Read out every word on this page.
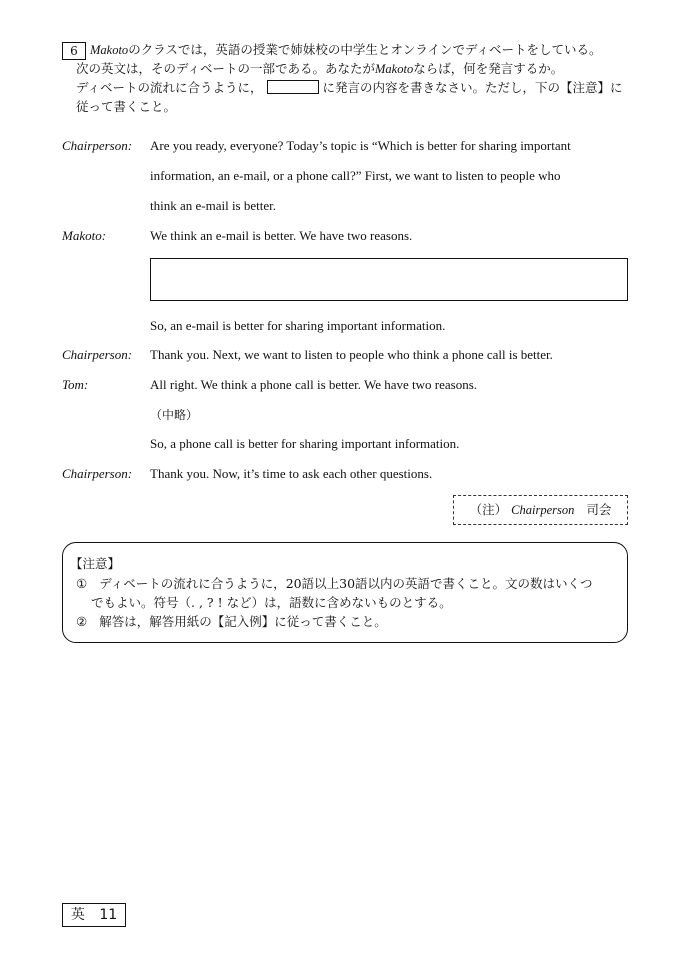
6 Makotoのクラスでは，英語の授業で姉妹校の中学生とオンラインでディベートをしている。
次の英文は，そのディベートの一部である。あなたがMakotoならば，何を発言するか。
ディベートの流れに合うように，	に発言の内容を書きなさい。ただし，下の【注意】に
従って書くこと。
Chairperson: Are you ready, everyone? Today’s topic is “Which is better for sharing important
information, an e-mail, or a phone call?” First, we want to listen to people who
think an e-mail is better.
Makoto:	We think an e-mail is better. We have two reasons.
So, an e-mail is better for sharing important information.
Chairperson: Thank you. Next, we want to listen to people who think a phone call is better.
Tom:	All right. We think a phone call is better. We have two reasons.
（中略）
So, a phone call is better for sharing important information.
Chairperson: Thank you. Now, it’s time to ask each other questions.
（注） Chairperson 司会
【注意】
① ディベートの流れに合うように，20語以上30語以内の英語で書くこと。文の数はいくつ
でもよい。符号（. , ? ! など）は，語数に含めないものとする。
② 解答は，解答用紙の【記入例】に従って書くこと。
英 11
